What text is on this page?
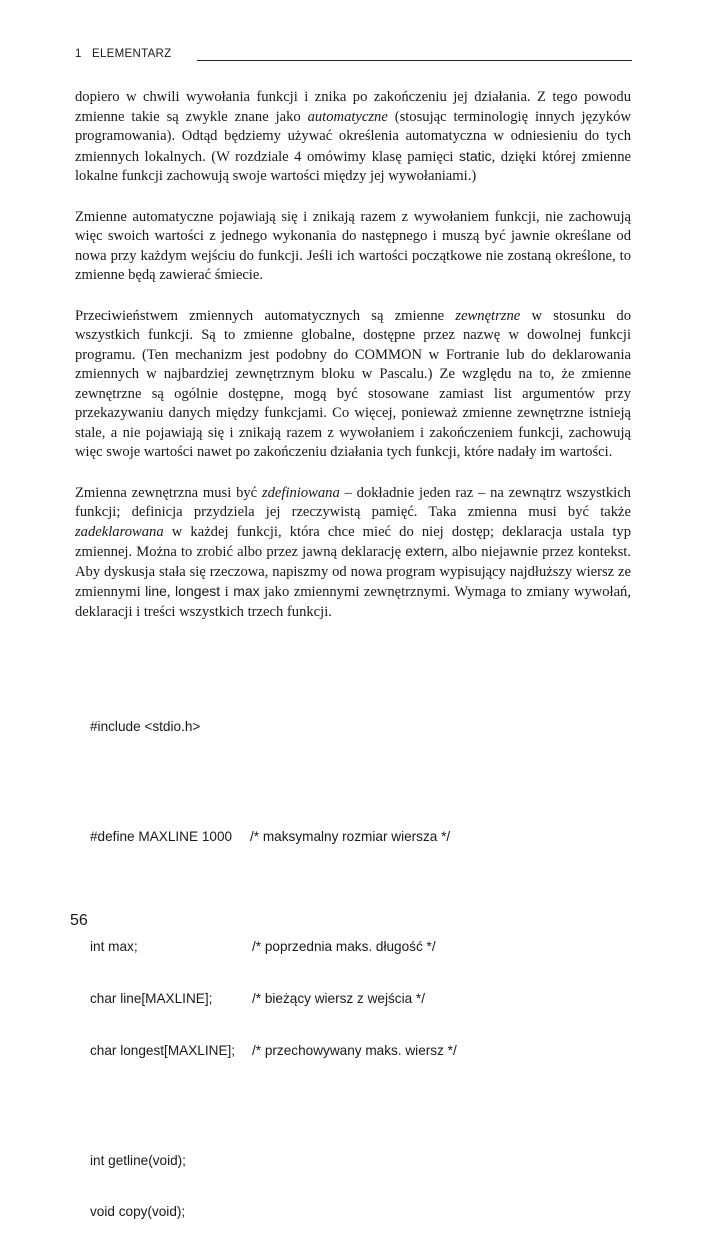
1 ELEMENTARZ

dopiero w chwili wywołania funkcji i znika po zakończeniu jej działania. Z tego powodu zmienne takie są zwykle znane jako automatyczne (stosując terminologię innych języków programowania). Odtąd będziemy używać określenia automatyczna w odniesieniu do tych zmiennych lokalnych. (W rozdziale 4 omówimy klasę pamięci static, dzięki której zmienne lokalne funkcji zachowują swoje wartości między jej wywołaniami.)

Zmienne automatyczne pojawiają się i znikają razem z wywołaniem funkcji, nie zachowują więc swoich wartości z jednego wykonania do następnego i muszą być jawnie określane od nowa przy każdym wejściu do funkcji. Jeśli ich wartości początkowe nie zostaną określone, to zmienne będą zawierać śmiecie.

Przeciwieństwem zmiennych automatycznych są zmienne zewnętrzne w stosunku do wszystkich funkcji. Są to zmienne globalne, dostępne przez nazwę w dowolnej funkcji programu. (Ten mechanizm jest podobny do COMMON w Fortranie lub do deklarowania zmiennych w najbardziej zewnętrznym bloku w Pascalu.) Ze względu na to, że zmienne zewnętrzne są ogólnie dostępne, mogą być stosowane zamiast list argumentów przy przekazywaniu danych między funkcjami. Co więcej, ponieważ zmienne zewnętrzne istnieją stale, a nie pojawiają się i znikają razem z wywołaniem i zakończeniem funkcji, zachowują więc swoje wartości nawet po zakończeniu działania tych funkcji, które nadały im wartości.

Zmienna zewnętrzna musi być zdefiniowana – dokładnie jeden raz – na zewnątrz wszystkich funkcji; definicja przydziela jej rzeczywistą pamięć. Taka zmienna musi być także zadeklarowana w każdej funkcji, która chce mieć do niej dostęp; deklaracja ustala typ zmiennej. Można to zrobić albo przez jawną deklarację extern, albo niejawnie przez kontekst. Aby dyskusja stała się rzeczowa, napiszmy od nowa program wypisujący najdłuższy wiersz ze zmiennymi line, longest i max jako zmiennymi zewnętrznymi. Wymaga to zmiany wywołań, deklaracji i treści wszystkich trzech funkcji.

#include <stdio.h>

#define MAXLINE 1000 /* maksymalny rozmiar wiersza */

int max;	/* poprzednia maks. długość */

char line[MAXLINE];	/* bieżący wiersz z wejścia */

char longest[MAXLINE]; /* przechowywany maks. wiersz */

int getline(void);

void copy(void);

56
